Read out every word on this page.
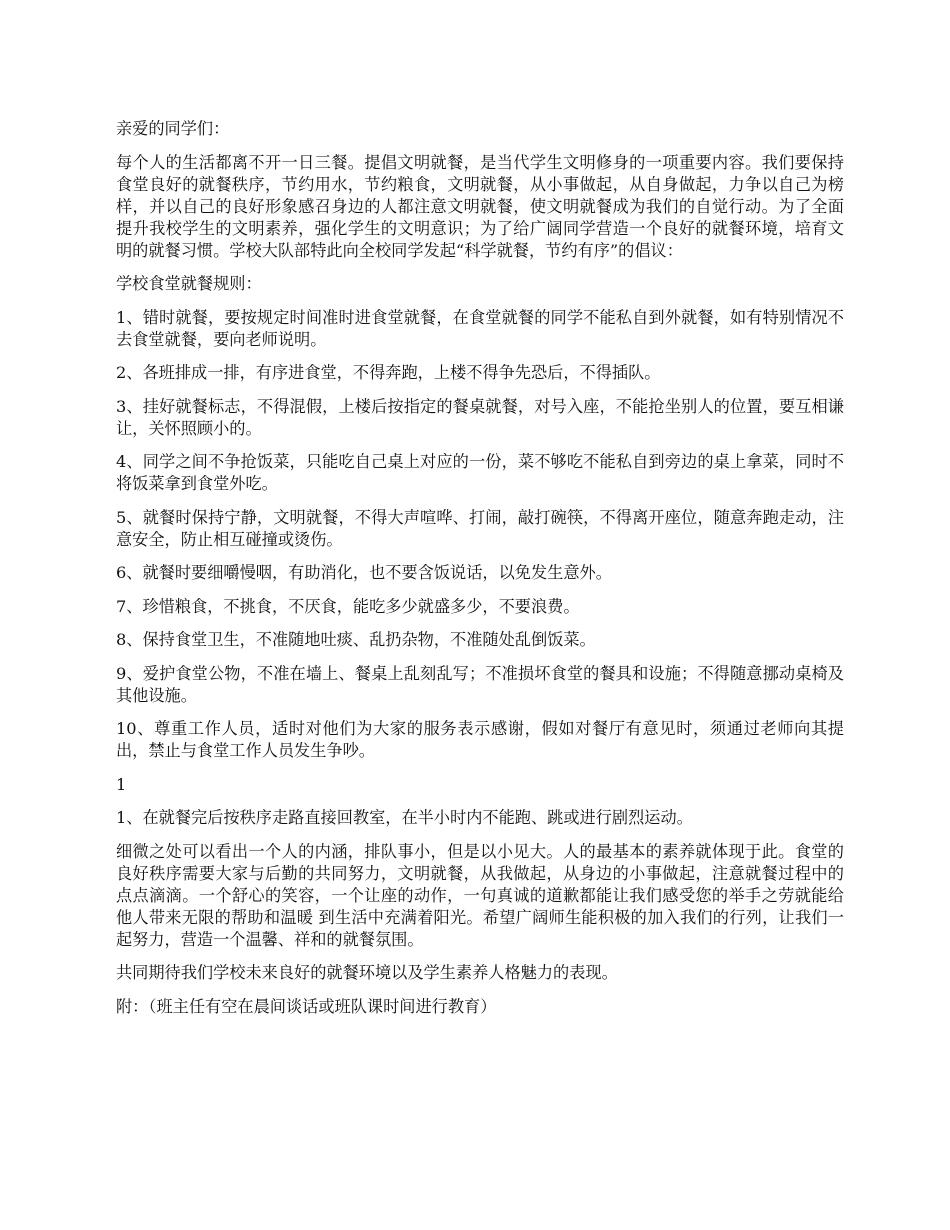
亲爱的同学们：

每个人的生活都离不开一日三餐。提倡文明就餐，是当代学生文明修身的一项重要内容。我们要保持食堂良好的就餐秩序，节约用水，节约粮食，文明就餐，从小事做起，从自身做起，力争以自己为榜样，并以自己的良好形象感召身边的人都注意文明就餐，使文明就餐成为我们的自觉行动。为了全面提升我校学生的文明素养，强化学生的文明意识；为了给广阔同学营造一个良好的就餐环境，培育文明的就餐习惯。学校大队部特此向全校同学发起“科学就餐，节约有序”的倡议：

学校食堂就餐规则：

1、错时就餐，要按规定时间准时进食堂就餐，在食堂就餐的同学不能私自到外就餐，如有特别情况不去食堂就餐，要向老师说明。

2、各班排成一排，有序进食堂，不得奔跑，上楼不得争先恐后，不得插队。

3、挂好就餐标志，不得混假，上楼后按指定的餐桌就餐，对号入座，不能抢坐别人的位置，要互相谦让，关怀照顾小的。

4、同学之间不争抢饭菜，只能吃自己桌上对应的一份，菜不够吃不能私自到旁边的桌上拿菜，同时不将饭菜拿到食堂外吃。

5、就餐时保持宁静，文明就餐，不得大声喧哗、打闹，敲打碗筷，不得离开座位，随意奔跑走动，注意安全，防止相互碰撞或烫伤。

6、就餐时要细嚼慢咽，有助消化，也不要含饭说话，以免发生意外。

7、珍惜粮食，不挑食，不厌食，能吃多少就盛多少，不要浪费。

8、保持食堂卫生，不准随地吐痰、乱扔杂物，不准随处乱倒饭菜。

9、爱护食堂公物，不准在墙上、餐桌上乱刻乱写；不准损坏食堂的餐具和设施；不得随意挪动桌椅及其他设施。

10、尊重工作人员，适时对他们为大家的服务表示感谢，假如对餐厅有意见时，须通过老师向其提出，禁止与食堂工作人员发生争吵。

1

1、在就餐完后按秩序走路直接回教室，在半小时内不能跑、跳或进行剧烈运动。

细微之处可以看出一个人的内涵，排队事小，但是以小见大。人的最基本的素养就体现于此。食堂的良好秩序需要大家与后勤的共同努力，文明就餐，从我做起，从身边的小事做起，注意就餐过程中的点点滴滴。一个舒心的笑容，一个让座的动作，一句真诚的道歉都能让我们感受您的举手之劳就能给他人带来无限的帮助和温暖 到生活中充满着阳光。希望广阔师生能积极的加入我们的行列，让我们一起努力，营造一个温馨、祥和的就餐氛围。

共同期待我们学校未来良好的就餐环境以及学生素养人格魅力的表现。

附：（班主任有空在晨间谈话或班队课时间进行教育）
